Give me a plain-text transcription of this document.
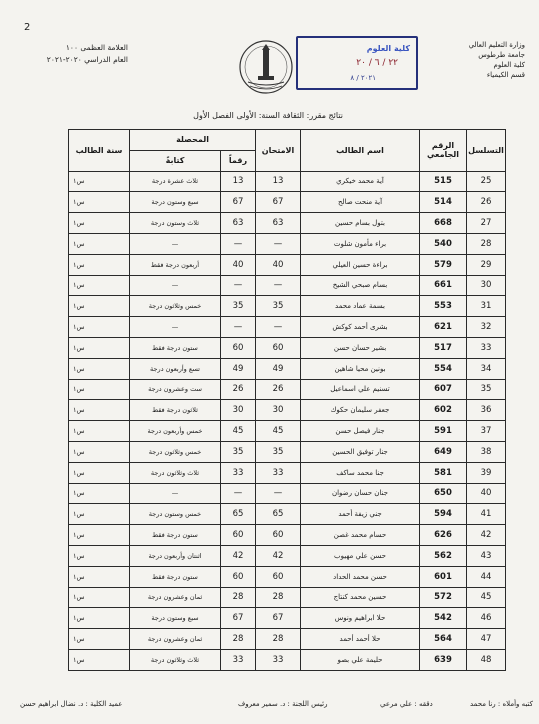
2
العلامة العظمى ١٠٠
العام الدراسي ٢٠٢٠-٢٠٢١
كلية العلوم
٢٢ / ٦ / ٢٠
٢٠٢١ / ٨
وزارة التعليم العالي
جامعة طرطوس
كلية العلوم
قسم الكيمياء
نتائج مقرر: الثقافة السنة: الأولى الفصل الأول
التسلسل	الرقم الجامعي	اسم الطالب	الامتحان	المحصلة		سنة الطالب
				رقماً	كتابةً	
25	515	آية محمد خيكري	13	13	ثلاث عشرة درجة	س١
26	514	آية منحت صالح	67	67	سبع وستون درجة	س١
27	668	بتول بسام حسين	63	63	ثلاث وستون درجة	س١
28	540	براء مأمون شلوت	—	—	—	س١
29	579	براءة حسين العيلي	40	40	أربعون درجة فقط	س١
30	661	بسام صبحي الشيخ	—	—	—	س١
31	553	بسمة عماد محمد	35	35	خمس وثلاثون درجة	س١
32	621	بشرى أحمد كوكش	—	—	—	س١
33	517	بشير حسان حسن	60	60	ستون درجة فقط	س١
34	554	بونين محيا شاهين	49	49	تسع وأربعون درجة	س١
35	607	تسنيم علي اسماعيل	26	26	ست وعشرون درجة	س١
36	602	جعفر سليمان حكوك	30	30	ثلاثون درجة فقط	س١
37	591	جنار فيصل حسن	45	45	خمس وأربعون درجة	س١
38	649	جنار توفيق الحسين	35	35	خمس وثلاثون درجة	س١
39	581	جنا محمد ساكف	33	33	ثلاث وثلاثون درجة	س١
40	650	جنان حسان رضوان	—	—	—	س١
41	594	جني زيفة أحمد	65	65	خمس وستون درجة	س١
42	626	حسام محمد غصن	60	60	ستون درجة فقط	س١
43	562	حسن علي مهيوب	42	42	اثنتان وأربعون درجة	س١
44	601	حسن محمد الحداد	60	60	ستون درجة فقط	س١
45	572	حسين محمد كنتاج	28	28	ثمان وعشرون درجة	س١
46	542	حلا ابراهيم ونوس	67	67	سبع وستون درجة	س١
47	564	حلا أحمد أحمد	28	28	ثمان وعشرون درجة	س١
48	639	حليمة علي بصو	33	33	ثلاث وثلاثون درجة	س١
كتبه وأملاه : رنا محمد
دققه : علي مرعي
رئيس اللجنة : د. سمير معروف
عميد الكلية : د. نضال ابراهيم حسن
